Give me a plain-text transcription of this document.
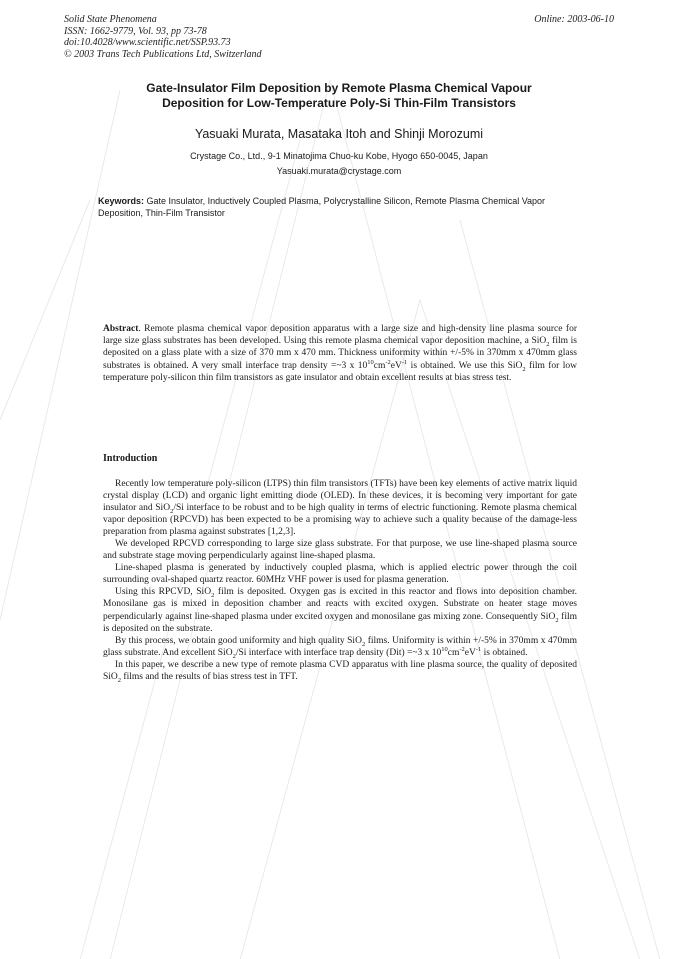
Solid State Phenomena
ISSN: 1662-9779, Vol. 93, pp 73-78
doi:10.4028/www.scientific.net/SSP.93.73
© 2003 Trans Tech Publications Ltd, Switzerland
Online: 2003-06-10
Gate-Insulator Film Deposition by Remote Plasma Chemical Vapour
Deposition for Low-Temperature Poly-Si Thin-Film Transistors
Yasuaki Murata, Masataka Itoh and Shinji Morozumi
Crystage Co., Ltd., 9-1 Minatojima Chuo-ku Kobe, Hyogo 650-0045, Japan
Yasuaki.murata@crystage.com
Keywords: Gate Insulator, Inductively Coupled Plasma, Polycrystalline Silicon, Remote Plasma Chemical Vapor Deposition, Thin-Film Transistor
Abstract. Remote plasma chemical vapor deposition apparatus with a large size and high-density line plasma source for large size glass substrates has been developed. Using this remote plasma chemical vapor deposition machine, a SiO$_2$ film is deposited on a glass plate with a size of 370 mm x 470 mm. Thickness uniformity within +/-5% in 370mm x 470mm glass substrates is obtained. A very small interface trap density =~3 x $10^{10}cm^{-2}eV^{-1}$ is obtained. We use this SiO$_2$ film for low temperature poly-silicon thin film transistors as gate insulator and obtain excellent results at bias stress test.
Introduction

Recently low temperature poly-silicon (LTPS) thin film transistors (TFTs) have been key elements of active matrix liquid crystal display (LCD) and organic light emitting diode (OLED). In these devices, it is becoming very important for gate insulator and SiO$_2$/Si interface to be robust and to be high quality in terms of electric functioning. Remote plasma chemical vapor deposition (RPCVD) has been expected to be a promising way to achieve such a quality because of the damage-less preparation from plasma against substrates [1,2,3].

We developed RPCVD corresponding to large size glass substrate. For that purpose, we use line-shaped plasma source and substrate stage moving perpendicularly against line-shaped plasma.

Line-shaped plasma is generated by inductively coupled plasma, which is applied electric power through the coil surrounding oval-shaped quartz reactor. 60MHz VHF power is used for plasma generation.

Using this RPCVD, SiO$_2$ film is deposited. Oxygen gas is excited in this reactor and flows into deposition chamber. Monosilane gas is mixed in deposition chamber and reacts with excited oxygen. Substrate on heater stage moves perpendicularly against line-shaped plasma under excited oxygen and monosilane gas mixing zone. Consequently SiO$_2$ film is deposited on the substrate.

By this process, we obtain good uniformity and high quality SiO$_2$ films. Uniformity is within +/-5% in 370mm x 470mm glass substrate. And excellent SiO$_2$/Si interface with interface trap density (Dit) =~3 x $10^{10}cm^{-2}eV^{-1}$ is obtained.

In this paper, we describe a new type of remote plasma CVD apparatus with line plasma source, the quality of deposited SiO$_2$ films and the results of bias stress test in TFT.
